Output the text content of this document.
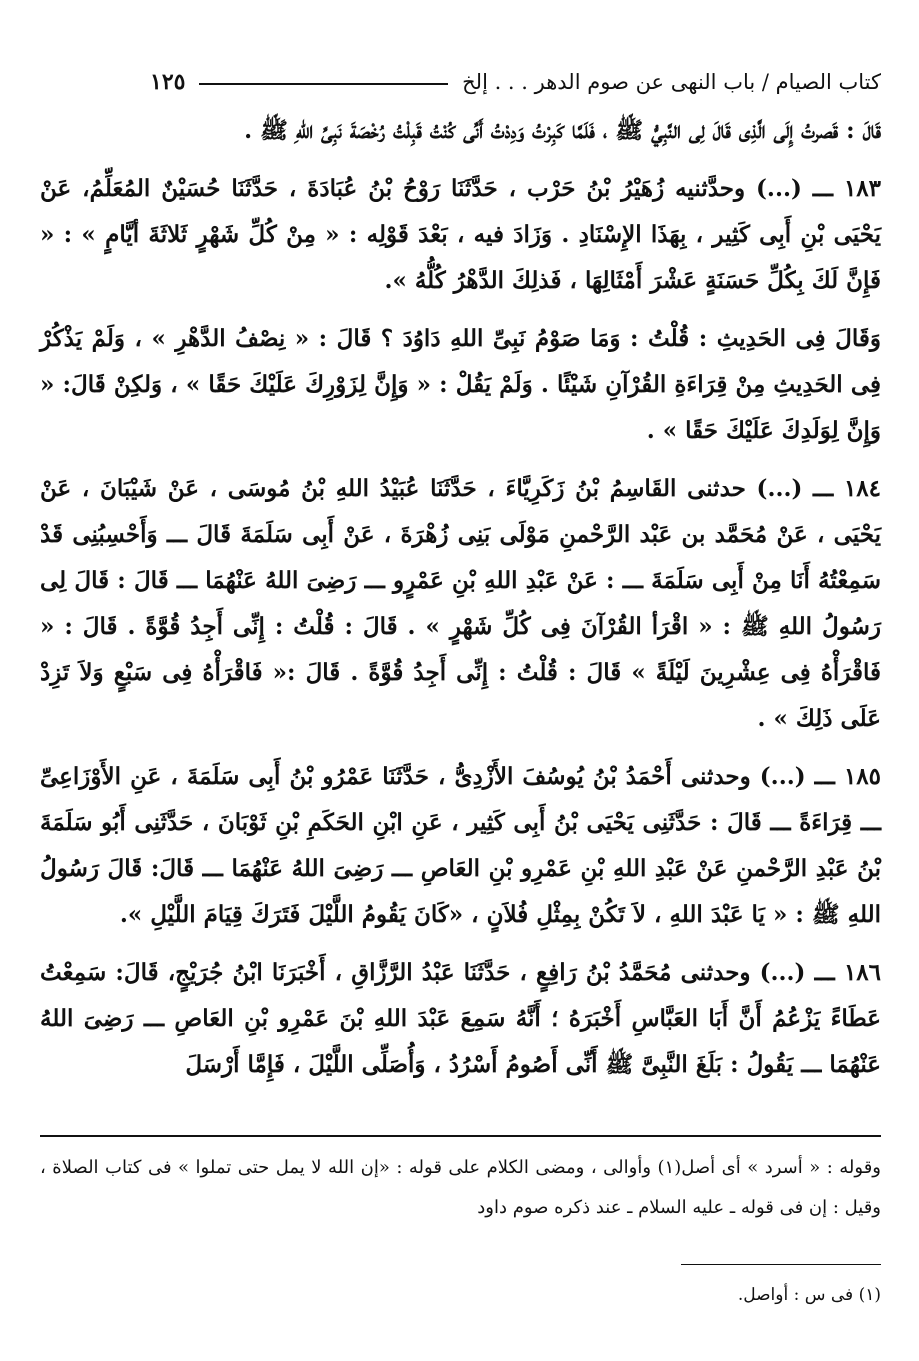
كتاب الصيام / باب النهى عن صوم الدهر . . . إلخ
١٢٥

قَالَ : قَصرتُ إِلَى الَّذِى قَالَ لِى النَّبِيُّ ﷺ ، فَلَمَّا كَبِرْتُ وَدِدْتُ أَنِّى كُنْتُ قَبِلْتُ رُخْصَةَ نَبِىِّ اللهِ ﷺ .

١٨٣ ـــ (...) وحدَّثنيه زُهَيْرُ بْنُ حَرْب ، حَدَّثَنَا رَوْحُ بْنُ عُبَادَةَ ، حَدَّثَنَا حُسَيْنٌ المُعَلِّمُ، عَنْ يَحْيَى بْنِ أَبِى كَثِير ، بِهَذَا الإِسْنَادِ . وَزَادَ فيه ، بَعْدَ قَوْلِه : « مِنْ كُلِّ شَهْرٍ ثَلاثَةَ أيَّامٍ » : « فَإِنَّ لَكَ بِكُلِّ حَسَنَةٍ عَشْرَ أَمْثَالِهَا ، فَذلِكَ الدَّهْرُ كُلُّهُ ».

وَقَالَ فِى الحَدِيثِ : قُلْتُ : وَمَا صَوْمُ نَبِىِّ اللهِ دَاوُدَ ؟ قَالَ : « نِصْفُ الدَّهْرِ » ، وَلَمْ يَذْكُرْ فِى الحَدِيثِ مِنْ قِرَاءَةِ القُرْآنِ شَيْئًا . وَلَمْ يَقُلْ : « وَإِنَّ لِزَوْرِكَ عَلَيْكَ حَقًا » ، وَلكِنْ قَالَ: « وَإِنَّ لِوَلَدِكَ عَلَيْكَ حَقًا » .

١٨٤ ـــ (...) حدثنى القَاسِمُ بْنُ زَكَرِيَّاءَ ، حَدَّثَنَا عُبَيْدُ اللهِ بْنُ مُوسَى ، عَنْ شَيْبَانَ ، عَنْ يَحْيَى ، عَنْ مُحَمَّد بن عَبْد الرَّحْمنِ مَوْلَى بَنِى زُهْرَةَ ، عَنْ أَبِى سَلَمَةَ قَالَ ـــ وَأَحْسِبُنِى قَدْ سَمِعْتُهُ أَنَا مِنْ أَبِى سَلَمَةَ ـــ : عَنْ عَبْدِ اللهِ بْنِ عَمْرٍو ـــ رَضِىَ اللهُ عَنْهُمَا ـــ قَالَ : قَالَ لِى رَسُولُ اللهِ ﷺ : « اقْرَأ القُرْآنَ فِى كُلِّ شَهْرٍ » . قَالَ : قُلْتُ : إِنِّى أَجِدُ قُوَّةً . قَالَ : « فَاقْرَأْهُ فِى عِشْرِينَ لَيْلَةً » قَالَ : قُلْتُ : إِنِّى أَجِدُ قُوَّةً . قَالَ :« فَاقْرَأْهُ فِى سَبْعٍ وَلاَ تَزِدْ عَلَى ذَلِكَ » .

١٨٥ ـــ (...) وحدثنى أَحْمَدُ بْنُ يُوسُفَ الأَزْدِىُّ ، حَدَّثَنَا عَمْرُو بْنُ أَبِى سَلَمَةَ ، عَنِ الأَوْزَاعِىِّ ـــ قِرَاءَةً ـــ قَالَ : حَدَّثَنِى يَحْيَى بْنُ أَبِى كَثِير ، عَنِ ابْنِ الحَكَمِ بْنِ ثَوْبَانَ ، حَدَّثَنِى أَبُو سَلَمَةَ بْنُ عَبْدِ الرَّحْمنِ عَنْ عَبْدِ اللهِ بْنِ عَمْرِو بْنِ العَاصِ ـــ رَضِىَ اللهُ عَنْهُمَا ـــ قَالَ: قَالَ رَسُولُ اللهِ ﷺ : « يَا عَبْدَ اللهِ ، لاَ تَكُنْ بِمِثْلِ فُلاَنٍ ، «كَانَ يَقُومُ اللَّيْلَ فَتَرَكَ قِيَامَ اللَّيْلِ ».

١٨٦ ـــ (...) وحدثنى مُحَمَّدُ بْنُ رَافِعٍ ، حَدَّثَنَا عَبْدُ الرَّزَّاقِ ، أَخْبَرَنَا ابْنُ جُرَيْجٍ، قَالَ: سَمِعْتُ عَطَاءً يَزْعُمُ أَنَّ أَبَا العَبَّاسِ أَخْبَرَهُ ؛ أَنَّهُ سَمِعَ عَبْدَ اللهِ بْنَ عَمْرِو بْنِ العَاصِ ـــ رَضِىَ اللهُ عَنْهُمَا ـــ يَقُولُ : بَلَغَ النَّبِىَّ ﷺ أَنِّى أَصُومُ أَسْرُدُ ، وَأُصَلِّى اللَّيْلَ ، فَإِمَّا أَرْسَلَ

وقوله : « أسرد » أى أصل(١) وأوالى ، ومضى الكلام على قوله : «إن الله لا يمل حتى تملوا » فى كتاب الصلاة ، وقيل : إن فى قوله ـ عليه السلام ـ عند ذكره صوم داود
(١) فى س : أواصل.
